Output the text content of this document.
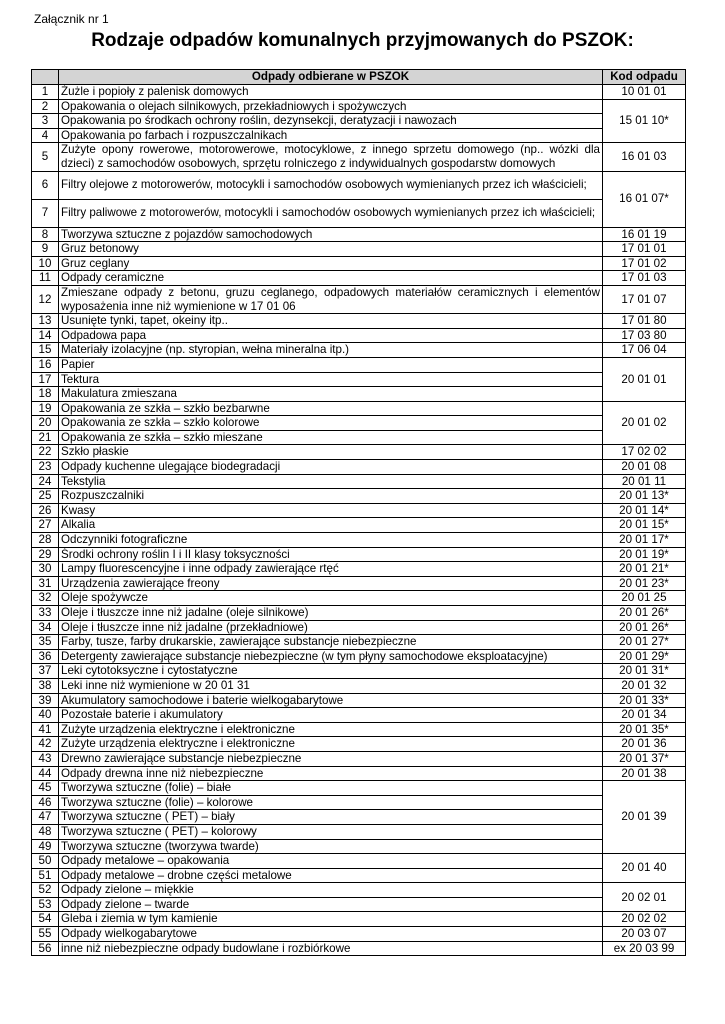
Załącznik nr 1
Rodzaje odpadów komunalnych przyjmowanych do PSZOK:
	Odpady odbierane w PSZOK	Kod odpadu
1	Żużle i popioły z palenisk domowych	10 01 01
2	Opakowania o olejach silnikowych, przekładniowych i spożywczych	15 01 10*
3	Opakowania po środkach ochrony roślin, dezynsekcji, deratyzacji i nawozach	
4	Opakowania po farbach i rozpuszczalnikach	
5	Zużyte opony rowerowe, motorowerowe, motocyklowe, z innego sprzetu domowego (np.. wózki dla dzieci) z samochodów osobowych, sprzętu rolniczego z indywidualnych gospodarstw domowych	16 01 03
6	Filtry olejowe z motorowerów, motocykli i samochodów osobowych wymienianych przez ich właścicieli;	16 01 07*
7	Filtry paliwowe z motorowerów, motocykli i samochodów osobowych wymienianych przez ich właścicieli;	
8	Tworzywa sztuczne z pojazdów samochodowych	16 01 19
9	Gruz betonowy	17 01 01
10	Gruz ceglany	17 01 02
11	Odpady ceramiczne	17 01 03
12	Zmieszane odpady z betonu, gruzu ceglanego, odpadowych materiałów ceramicznych i elementów wyposażenia inne niż wymienione w 17 01 06	17 01 07
13	Usunięte tynki, tapet, okeiny itp..	17 01 80
14	Odpadowa papa	17 03 80
15	Materiały izolacyjne (np. styropian, wełna mineralna itp.)	17 06 04
16	Papier	20 01 01
17	Tektura	
18	Makulatura zmieszana	
19	Opakowania ze szkła – szkło bezbarwne	20 01 02
20	Opakowania ze szkła – szkło kolorowe	
21	Opakowania ze szkła – szkło mieszane	
22	Szkło płaskie	17 02 02
23	Odpady kuchenne ulegające biodegradacji	20 01 08
24	Tekstylia	20 01 11
25	Rozpuszczalniki	20 01 13*
26	Kwasy	20 01 14*
27	Alkalia	20 01 15*
28	Odczynniki fotograficzne	20 01 17*
29	Środki ochrony roślin I i II klasy toksyczności	20 01 19*
30	Lampy fluorescencyjne i inne odpady zawierające rtęć	20 01 21*
31	Urządzenia zawierające freony	20 01 23*
32	Oleje spożywcze	20 01 25
33	Oleje i tłuszcze inne niż jadalne (oleje silnikowe)	20 01 26*
34	Oleje i tłuszcze inne niż jadalne (przekładniowe)	20 01 26*
35	Farby, tusze, farby drukarskie, zawierające substancje niebezpieczne	20 01 27*
36	Detergenty zawierające substancje niebezpieczne (w tym płyny samochodowe eksploatacyjne)	20 01 29*
37	Leki cytotoksyczne i cytostatyczne	20 01 31*
38	Leki inne niż wymienione w 20 01 31	20 01 32
39	Akumulatory samochodowe i baterie wielkogabarytowe	20 01 33*
40	Pozostałe baterie i akumulatory	20 01 34
41	Zużyte urządzenia elektryczne i elektroniczne	20 01 35*
42	Zużyte urządzenia elektryczne i elektroniczne	20 01 36
43	Drewno zawierające substancje niebezpieczne	20 01 37*
44	Odpady drewna inne niż niebezpieczne	20 01 38
45	Tworzywa sztuczne (folie) – białe	20 01 39
46	Tworzywa sztuczne (folie) – kolorowe	
47	Tworzywa sztuczne ( PET) – biały	
48	Tworzywa sztuczne ( PET) – kolorowy	
49	Tworzywa sztuczne (tworzywa twarde)	
50	Odpady metalowe – opakowania	20 01 40
51	Odpady metalowe – drobne części metalowe	
52	Odpady zielone – miękkie	20 02 01
53	Odpady zielone – twarde	
54	Gleba i ziemia w tym kamienie	20 02 02
55	Odpady wielkogabarytowe	20 03 07
56	inne niż niebezpieczne odpady budowlane i rozbiórkowe	ex 20 03 99
